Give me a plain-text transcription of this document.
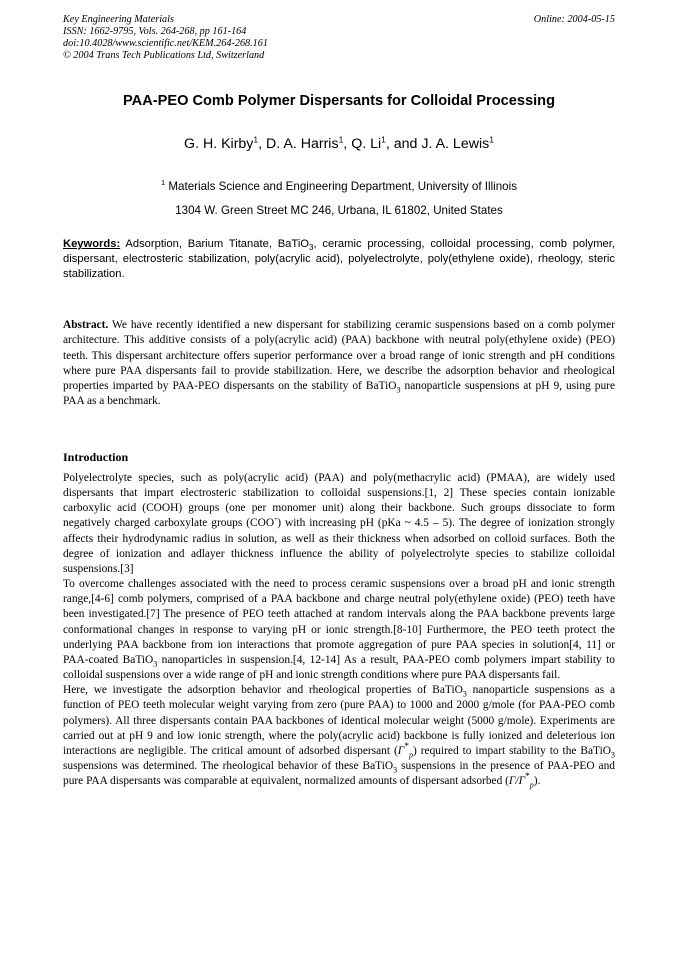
Key Engineering Materials
ISSN: 1662-9795, Vols. 264-268, pp 161-164
doi:10.4028/www.scientific.net/KEM.264-268.161
© 2004 Trans Tech Publications Ltd, Switzerland
Online: 2004-05-15
PAA-PEO Comb Polymer Dispersants for Colloidal Processing
G. H. Kirby$^1$, D. A. Harris$^1$, Q. Li$^1$, and J. A. Lewis$^1$
$^1$ Materials Science and Engineering Department, University of Illinois
1304 W. Green Street MC 246, Urbana, IL 61802, United States
Keywords: Adsorption, Barium Titanate, BaTiO$_3$, ceramic processing, colloidal processing, comb polymer, dispersant, electrosteric stabilization, poly(acrylic acid), polyelectrolyte, poly(ethylene oxide), rheology, steric stabilization.
Abstract. We have recently identified a new dispersant for stabilizing ceramic suspensions based on a comb polymer architecture. This additive consists of a poly(acrylic acid) (PAA) backbone with neutral poly(ethylene oxide) (PEO) teeth. This dispersant architecture offers superior performance over a broad range of ionic strength and pH conditions where pure PAA dispersants fail to provide stabilization. Here, we describe the adsorption behavior and rheological properties imparted by PAA-PEO dispersants on the stability of BaTiO$_3$ nanoparticle suspensions at pH 9, using pure PAA as a benchmark.
Introduction

Polyelectrolyte species, such as poly(acrylic acid) (PAA) and poly(methacrylic acid) (PMAA), are widely used dispersants that impart electrosteric stabilization to colloidal suspensions.[1, 2] These species contain ionizable carboxylic acid (COOH) groups (one per monomer unit) along their backbone. Such groups dissociate to form negatively charged carboxylate groups (COO-) with increasing pH (pKa ~ 4.5 – 5). The degree of ionization strongly affects their hydrodynamic radius in solution, as well as their thickness when adsorbed on colloid surfaces. Both the degree of ionization and adlayer thickness influence the ability of polyelectrolyte species to stabilize colloidal suspensions.[3]

To overcome challenges associated with the need to process ceramic suspensions over a broad pH and ionic strength range,[4-6] comb polymers, comprised of a PAA backbone and charge neutral poly(ethylene oxide) (PEO) teeth have been investigated.[7] The presence of PEO teeth attached at random intervals along the PAA backbone prevents large conformational changes in response to varying pH or ionic strength.[8-10] Furthermore, the PEO teeth protect the underlying PAA backbone from ion interactions that promote aggregation of pure PAA species in solution[4, 11] or PAA-coated BaTiO$_3$ nanoparticles in suspension.[4, 12-14] As a result, PAA-PEO comb polymers impart stability to colloidal suspensions over a wide range of pH and ionic strength conditions where pure PAA dispersants fail.

Here, we investigate the adsorption behavior and rheological properties of BaTiO$_3$ nanoparticle suspensions as a function of PEO teeth molecular weight varying from zero (pure PAA) to 1000 and 2000 g/mole (for PAA-PEO comb polymers). All three dispersants contain PAA backbones of identical molecular weight (5000 g/mole). Experiments are carried out at pH 9 and low ionic strength, where the poly(acrylic acid) backbone is fully ionized and deleterious ion interactions are negligible. The critical amount of adsorbed dispersant $(\Gamma^*_p)$ required to impart stability to the BaTiO$_3$ suspensions was determined. The rheological behavior of these BaTiO$_3$ suspensions in the presence of PAA-PEO and pure PAA dispersants was comparable at equivalent, normalized amounts of dispersant adsorbed $(\Gamma/\Gamma^*_p)$.
